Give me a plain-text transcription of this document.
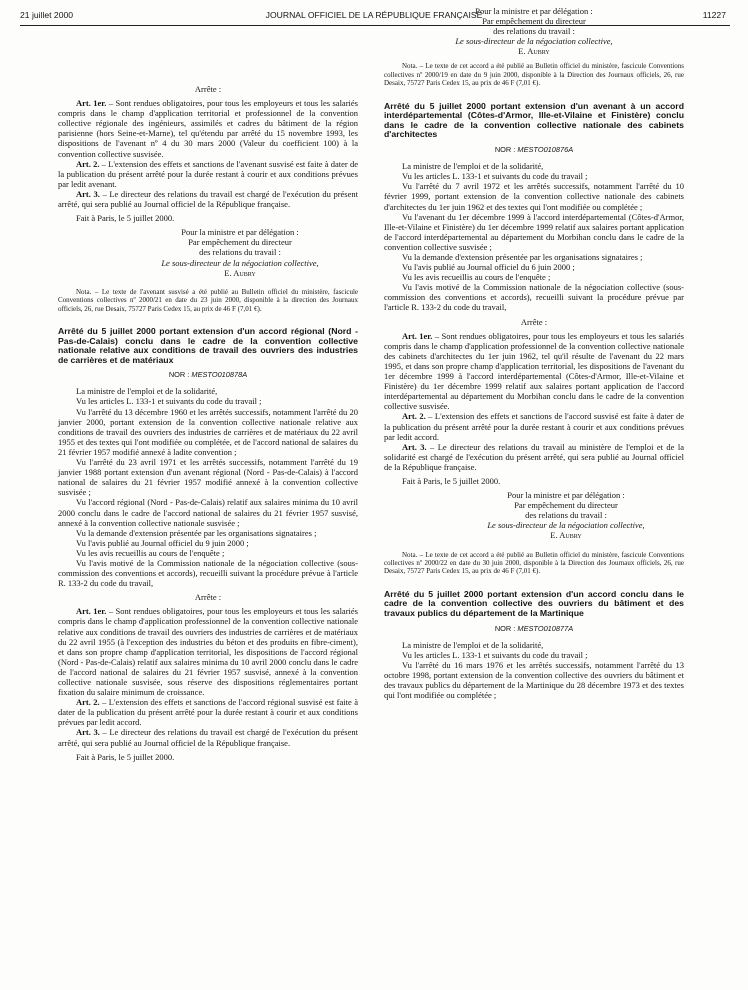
21 juillet 2000	JOURNAL OFFICIEL DE LA RÉPUBLIQUE FRANÇAISE	11227

Arrête :

Art. 1er. – Sont rendues obligatoires, pour tous les employeurs et tous les salariés compris dans le champ d'application territorial et professionnel de la convention collective régionale des ingénieurs, assimilés et cadres du bâtiment de la région parisienne (hors Seine-et-Marne), tel qu'étendu par arrêté du 15 novembre 1993, les dispositions de l'avenant nº 4 du 30 mars 2000 (Valeur du coefficient 100) à la convention collective susvisée.

Art. 2. – L'extension des effets et sanctions de l'avenant susvisé est faite à dater de la publication du présent arrêté pour la durée restant à courir et aux conditions prévues par ledit avenant.

Art. 3. – Le directeur des relations du travail est chargé de l'exécution du présent arrêté, qui sera publié au Journal officiel de la République française.

Fait à Paris, le 5 juillet 2000.

Pour la ministre et par délégation :

Par empêchement du directeur

des relations du travail :

Le sous-directeur de la négociation collective,

E. Aubry

Nota. – Le texte de l'avenant susvisé a été publié au Bulletin officiel du ministère, fascicule Conventions collectives nº 2000/21 en date du 23 juin 2000, disponible à la direction des Journaux officiels, 26, rue Desaix, 75727 Paris Cedex 15, au prix de 46 F (7,01 €).

Arrêté du 5 juillet 2000 portant extension d'un accord régional (Nord - Pas-de-Calais) conclu dans le cadre de la convention collective nationale relative aux conditions de travail des ouvriers des industries de carrières et de matériaux

NOR : MESTO010878A

La ministre de l'emploi et de la solidarité,

Vu les articles L. 133-1 et suivants du code du travail ;

Vu l'arrêté du 13 décembre 1960 et les arrêtés successifs, notamment l'arrêté du 20 janvier 2000, portant extension de la convention collective nationale relative aux conditions de travail des ouvriers des industries de carrières et de matériaux du 22 avril 1955 et des textes qui l'ont modifiée ou complétée, et de l'accord national de salaires du 21 février 1957 modifié annexé à ladite convention ;

Vu l'arrêté du 23 avril 1971 et les arrêtés successifs, notamment l'arrêté du 19 janvier 1988 portant extension d'un avenant régional (Nord - Pas-de-Calais) à l'accord national de salaires du 21 février 1957 modifié annexé à la convention collective susvisée ;

Vu l'accord régional (Nord - Pas-de-Calais) relatif aux salaires minima du 10 avril 2000 conclu dans le cadre de l'accord national de salaires du 21 février 1957 susvisé, annexé à la convention collective nationale susvisée ;

Vu la demande d'extension présentée par les organisations signataires ;

Vu l'avis publié au Journal officiel du 9 juin 2000 ;

Vu les avis recueillis au cours de l'enquête ;

Vu l'avis motivé de la Commission nationale de la négociation collective (sous-commission des conventions et accords), recueilli suivant la procédure prévue à l'article R. 133-2 du code du travail,

Arrête :

Art. 1er. – Sont rendues obligatoires, pour tous les employeurs et tous les salariés compris dans le champ d'application professionnel de la convention collective nationale relative aux conditions de travail des ouvriers des industries de carrières et de matériaux du 22 avril 1955 (à l'exception des industries du béton et des produits en fibre-ciment), et dans son propre champ d'application territorial, les dispositions de l'accord régional (Nord - Pas-de-Calais) relatif aux salaires minima du 10 avril 2000 conclu dans le cadre de l'accord national de salaires du 21 février 1957 susvisé, annexé à la convention collective nationale susvisée, sous réserve des dispositions réglementaires portant fixation du salaire minimum de croissance.

Art. 2. – L'extension des effets et sanctions de l'accord régional susvisé est faite à dater de la publication du présent arrêté pour la durée restant à courir et aux conditions prévues par ledit accord.

Art. 3. – Le directeur des relations du travail est chargé de l'exécution du présent arrêté, qui sera publié au Journal officiel de la République française.

Fait à Paris, le 5 juillet 2000.

Pour la ministre et par délégation :

Par empêchement du directeur

des relations du travail :

Le sous-directeur de la négociation collective,

E. Aubry

Nota. – Le texte de cet accord a été publié au Bulletin officiel du ministère, fascicule Conventions collectives nº 2000/19 en date du 9 juin 2000, disponible à la Direction des Journaux officiels, 26, rue Desaix, 75727 Paris Cedex 15, au prix de 46 F (7,01 €).

Arrêté du 5 juillet 2000 portant extension d'un avenant à un accord interdépartemental (Côtes-d'Armor, Ille-et-Vilaine et Finistère) conclu dans le cadre de la convention collective nationale des cabinets d'architectes

NOR : MESTO010876A

La ministre de l'emploi et de la solidarité,

Vu les articles L. 133-1 et suivants du code du travail ;

Vu l'arrêté du 7 avril 1972 et les arrêtés successifs, notamment l'arrêté du 10 février 1999, portant extension de la convention collective nationale des cabinets d'architectes du 1er juin 1962 et des textes qui l'ont modifiée ou complétée ;

Vu l'avenant du 1er décembre 1999 à l'accord interdépartemental (Côtes-d'Armor, Ille-et-Vilaine et Finistère) du 1er décembre 1999 relatif aux salaires portant application de l'accord interdépartemental au département du Morbihan conclu dans le cadre de la convention collective susvisée ;

Vu la demande d'extension présentée par les organisations signataires ;

Vu l'avis publié au Journal officiel du 6 juin 2000 ;

Vu les avis recueillis au cours de l'enquête ;

Vu l'avis motivé de la Commission nationale de la négociation collective (sous-commission des conventions et accords), recueilli suivant la procédure prévue par l'article R. 133-2 du code du travail,

Arrête :

Art. 1er. – Sont rendues obligatoires, pour tous les employeurs et tous les salariés compris dans le champ d'application professionnel de la convention collective nationale des cabinets d'architectes du 1er juin 1962, tel qu'il résulte de l'avenant du 22 mars 1995, et dans son propre champ d'application territorial, les dispositions de l'avenant du 1er décembre 1999 à l'accord interdépartemental (Côtes-d'Armor, Ille-et-Vilaine et Finistère) du 1er décembre 1999 relatif aux salaires portant application de l'accord interdépartemental au département du Morbihan conclu dans le cadre de la convention collective susvisée.

Art. 2. – L'extension des effets et sanctions de l'accord susvisé est faite à dater de la publication du présent arrêté pour la durée restant à courir et aux conditions prévues par ledit accord.

Art. 3. – Le directeur des relations du travail au ministère de l'emploi et de la solidarité est chargé de l'exécution du présent arrêté, qui sera publié au Journal officiel de la République française.

Fait à Paris, le 5 juillet 2000.

Pour la ministre et par délégation :

Par empêchement du directeur

des relations du travail :

Le sous-directeur de la négociation collective,

E. Aubry

Nota. – Le texte de cet accord a été publié au Bulletin officiel du ministère, fascicule Conventions collectives nº 2000/22 en date du 30 juin 2000, disponible à la Direction des Journaux officiels, 26, rue Desaix, 75727 Paris Cedex 15, au prix de 46 F (7,01 €).

Arrêté du 5 juillet 2000 portant extension d'un accord conclu dans le cadre de la convention collective des ouvriers du bâtiment et des travaux publics du département de la Martinique

NOR : MESTO010877A

La ministre de l'emploi et de la solidarité,

Vu les articles L. 133-1 et suivants du code du travail ;

Vu l'arrêté du 16 mars 1976 et les arrêtés successifs, notamment l'arrêté du 13 octobre 1998, portant extension de la convention collective des ouvriers du bâtiment et des travaux publics du département de la Martinique du 28 décembre 1973 et des textes qui l'ont modifiée ou complétée ;
